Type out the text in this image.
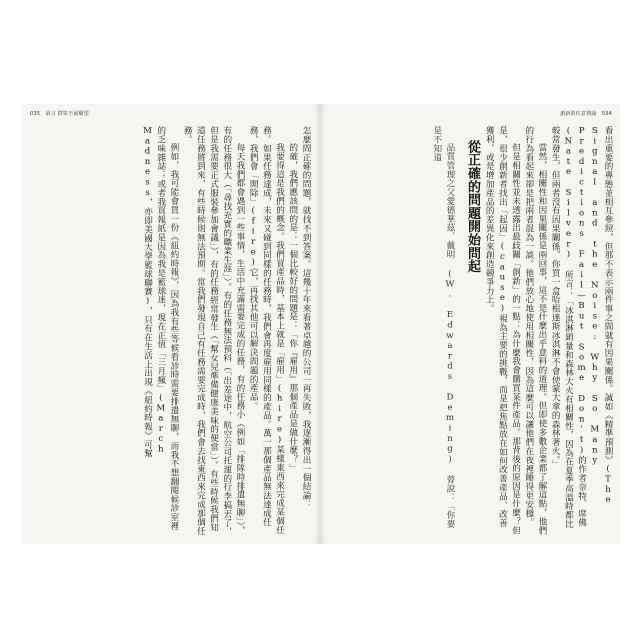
035 前言 群眾不說願望

怎麼問正確的問題，就找不到答案。這幾十年來看著卓越的公司一再失敗，我逐漸得出一個結論：

的確，我們應該問的是：一個比較好的問題是：「你『雇用』那個產品是做什麼？」

我要得這是我們的概念。我們買產品時，基本上就是「雇用」(hire)某樣東西來完成某個任務。如果任務達成，未來又碰到同樣的任務時，我們會再度雇用同樣的產品。萬一那個產品無法達成任務，我們會「開除」(fire)它，再找其他可以解決問題的產品。

每天我們都會遇到一些事情，生活中充滿需要完成的任務，有的任務小（例如「排隊時排遣無聊」），有的任務很大（「尋找充實的職業生涯」）。有的任務無法預料（「出差途中，航空公司托運的行李搞丟了，但是我需要正式服裝參加會議」），有的任務經常發生（「幫女兒準備健康美味的便當」）。有些時候我們知道任務將到來，有些時候則無法預期。當我們發現自己有任務需要完成時，我們會去找東西來完成那個任務。

例如，我可能會買一份《紐約時報》，因為我有些等候看診時需要排遣無聊，而我不想翻閱候診室裡的乏味雜誌；或者我買報紙是因為我是籃球迷，現在正值「三月瘋」(March Madness，亦即美國大學籃球聯賽)，只有在生活上出現《紐約時報》可幫

創新的任意理論 034

看出重要的專態並相互參照，但那不表示兩件事之間就有因果關係。誠如《精準預測》(The Signal and the Noise: Why So Many Predictions Fail—But Some Don't)的作者奈特．席佛 (Nate Silver) 所言：「冰淇淋銷量和森林大火有相關性，因為在夏季高溫時都比較常發生，但兩者沒有因果關係，你買一盒哈根達斯冰淇淋不會使蒙大拿的森林著火。」

當然，相關性和因果關係是兩回事，這不是什麼出乎意料的道理。但即使多數企業都了解這點，他們的行為看起來卻是把兩者混為一談。他們放心地使用相關性，因為這麼可以讓他們在夜裡睡得更安穩。

但是相關性並未透露出最歧關「創新」的一點：為什麼我會購買某件產品。那背後的原因是什麼？但是，很少創新者找出「起因」(cause)視為主要的挑戰，而是把焦點放在如何改善產品、改善獲利，或是增加產品的差異化來創造競爭力上。

從正確的問題開始問起

品質管理之父愛德華茲．戴明 (W. Edwards Deming) 曾說：「你要是不知道
